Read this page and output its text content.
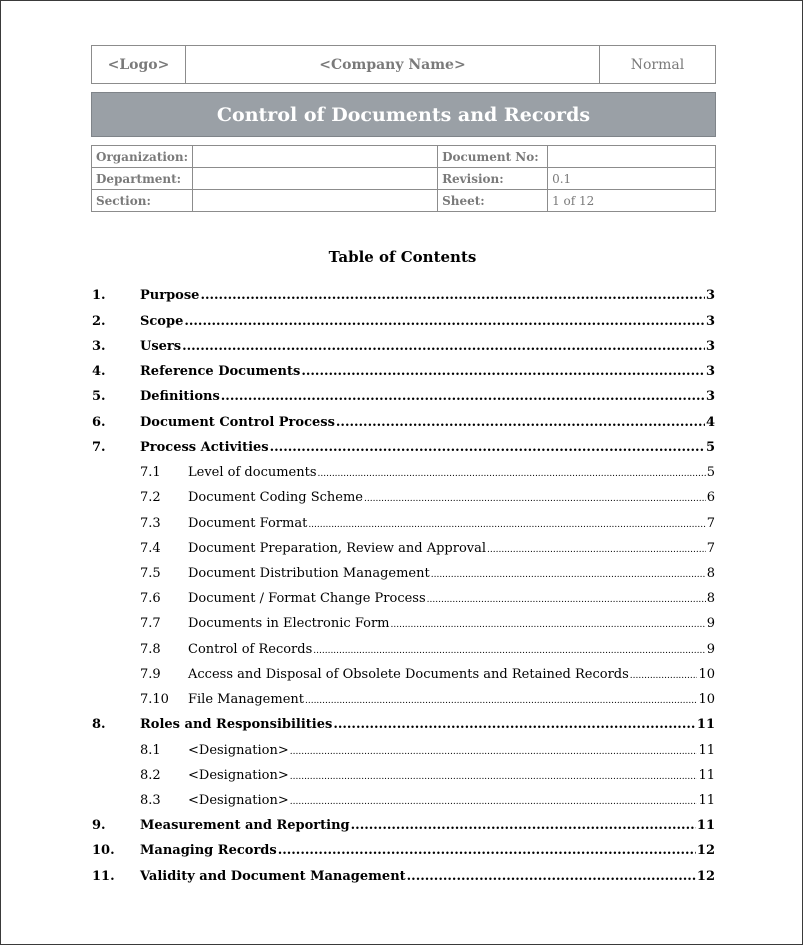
<Logo>	<Company Name>	Normal
Control of Documents and Records
Organization:		Document No:	
Department:		Revision:	0.1
Section:		Sheet:	1 of 12
Table of Contents
1.	Purpose .....	3
2.	Scope .....	3
3.	Users .....	3
4.	Reference Documents .....	3
5.	Definitions .....	3
6.	Document Control Process .....	4
7.	Process Activities .....	5
7.1	Level of documents .....	5
7.2	Document Coding Scheme .....	6
7.3	Document Format .....	7
7.4	Document Preparation, Review and Approval .....	7
7.5	Document Distribution Management .....	8
7.6	Document / Format Change Process .....	8
7.7	Documents in Electronic Form .....	9
7.8	Control of Records .....	9
7.9	Access and Disposal of Obsolete Documents and Retained Records .....	10
7.10	File Management .....	10
8.	Roles and Responsibilities .....	11
8.1	<Designation> .....	11
8.2	<Designation> .....	11
8.3	<Designation> .....	11
9.	Measurement and Reporting .....	11
10.	Managing Records .....	12
11.	Validity and Document Management .....	12
